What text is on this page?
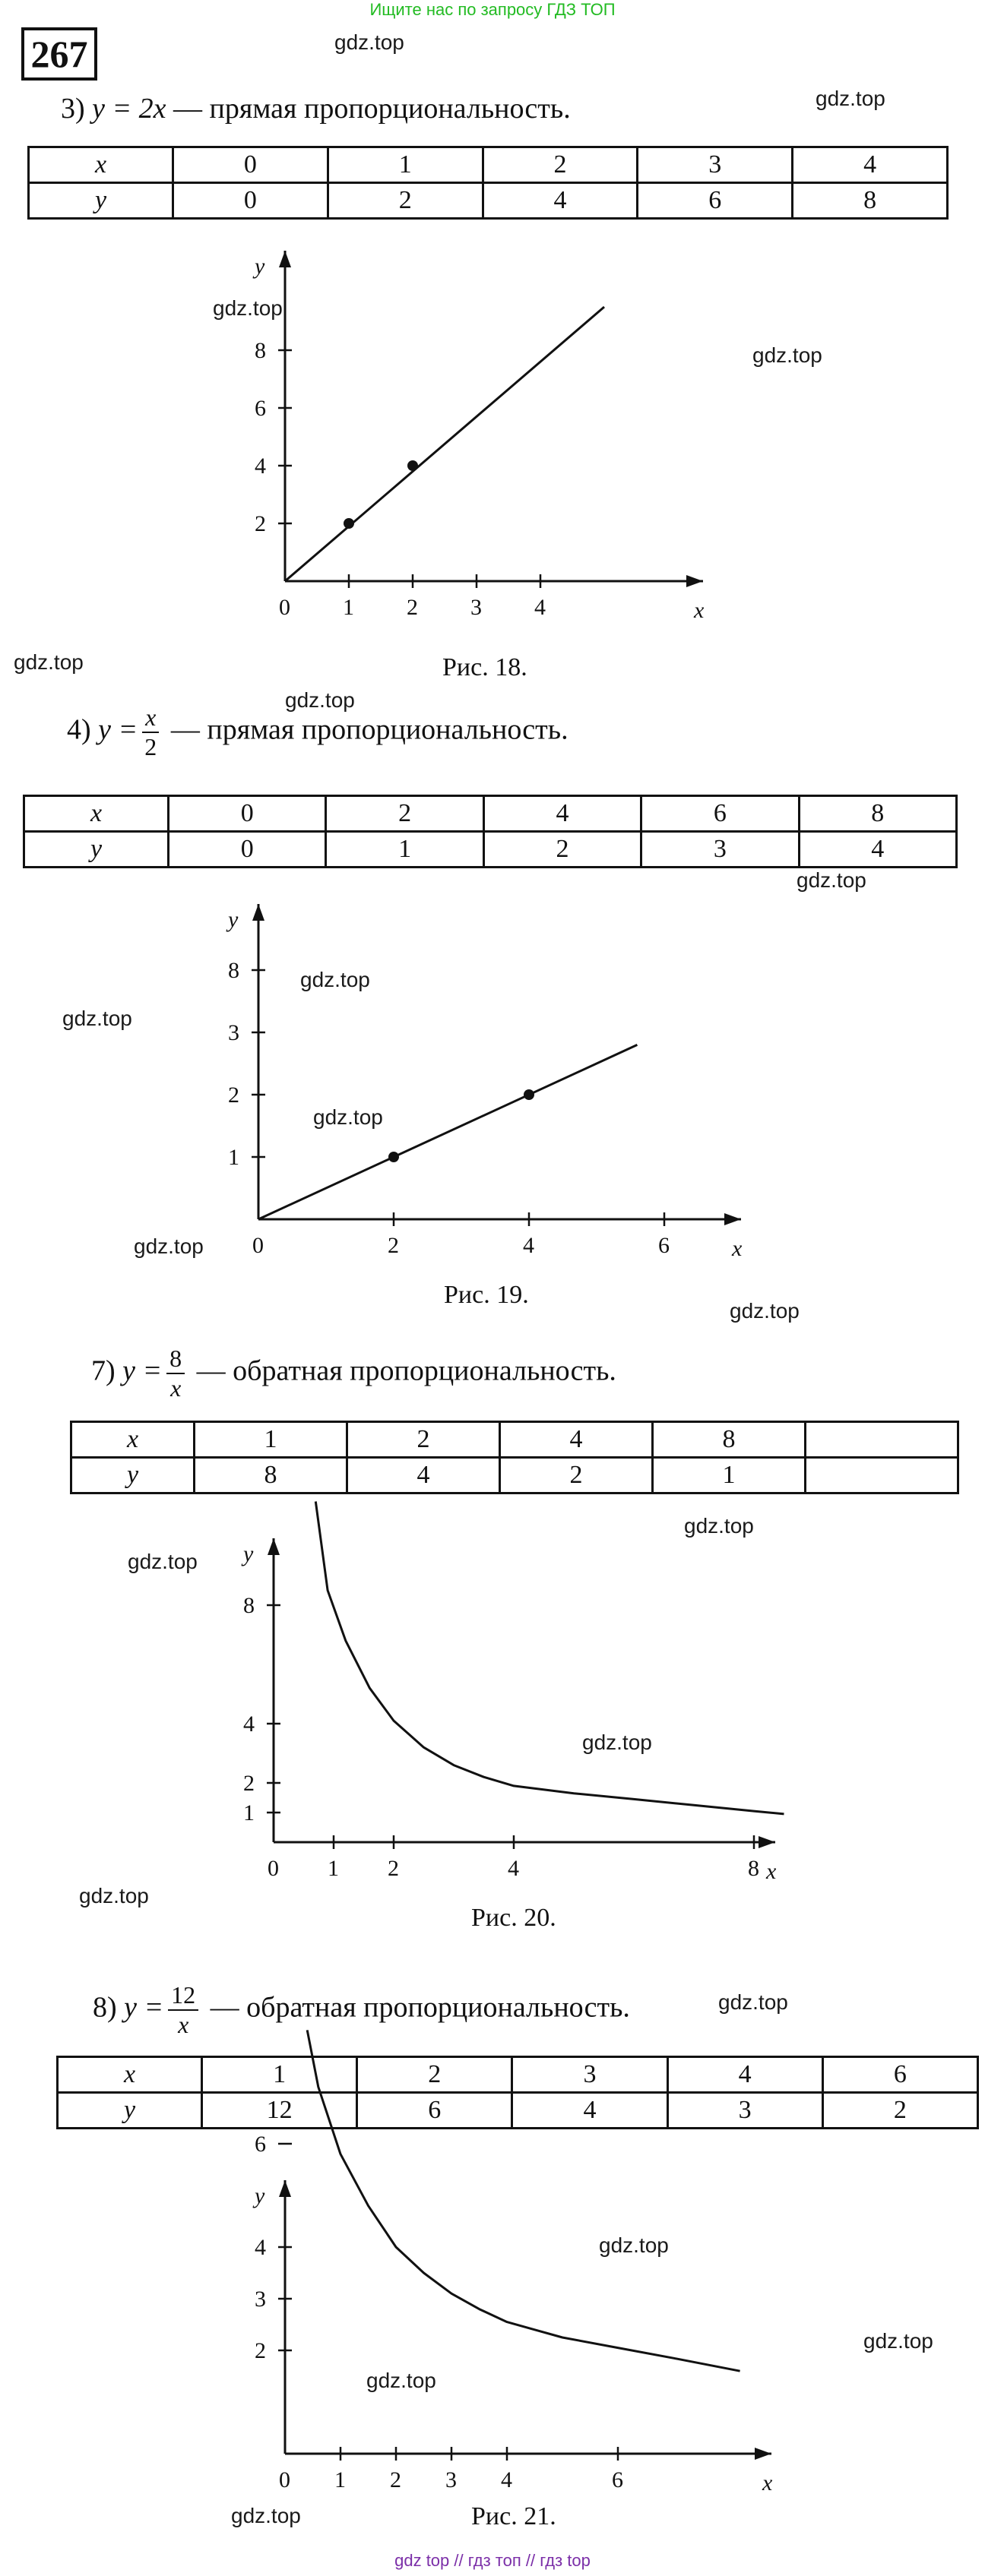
Ищите нас по запросу ГДЗ ТОП
267	gdz.top
gdz.top
gdz.top
gdz.top
gdz.top
gdz.top
gdz.top
gdz.top
gdz.top
gdz.top
gdz.top
gdz.top
gdz.top
gdz.top
gdz.top
gdz.top
gdz.top
gdz.top
gdz.top
gdz.top
gdz.top
3) y = 2x — прямая пропорциональность.
x	0	1	2	3	4
y	0	2	4	6	8
x
y
0 1 2 3 4
2
4
6
8
Рис. 18.
4) $y = \frac{x}{2}$ — прямая пропорциональность.
x	0	2	4	6	8
y	0	1	2	3	4
x
y
0	2	4	6
1
2
3
8
Рис. 19.
7) $y = \frac{8}{x}$ — обратная пропорциональность.
x	1	2	4	8	
y	8	4	2	1	
x
y
0 1 2	4	8
1
2
4
8
Рис. 20.
8) $y = \frac{12}{x}$ — обратная пропорциональность.
x	1	2	3	4	6
y	12	6	4	3	2
x
y
0 1 2 3 4	6
2
3
4
6
Рис. 21.
gdz top // гдз топ // гдз top
